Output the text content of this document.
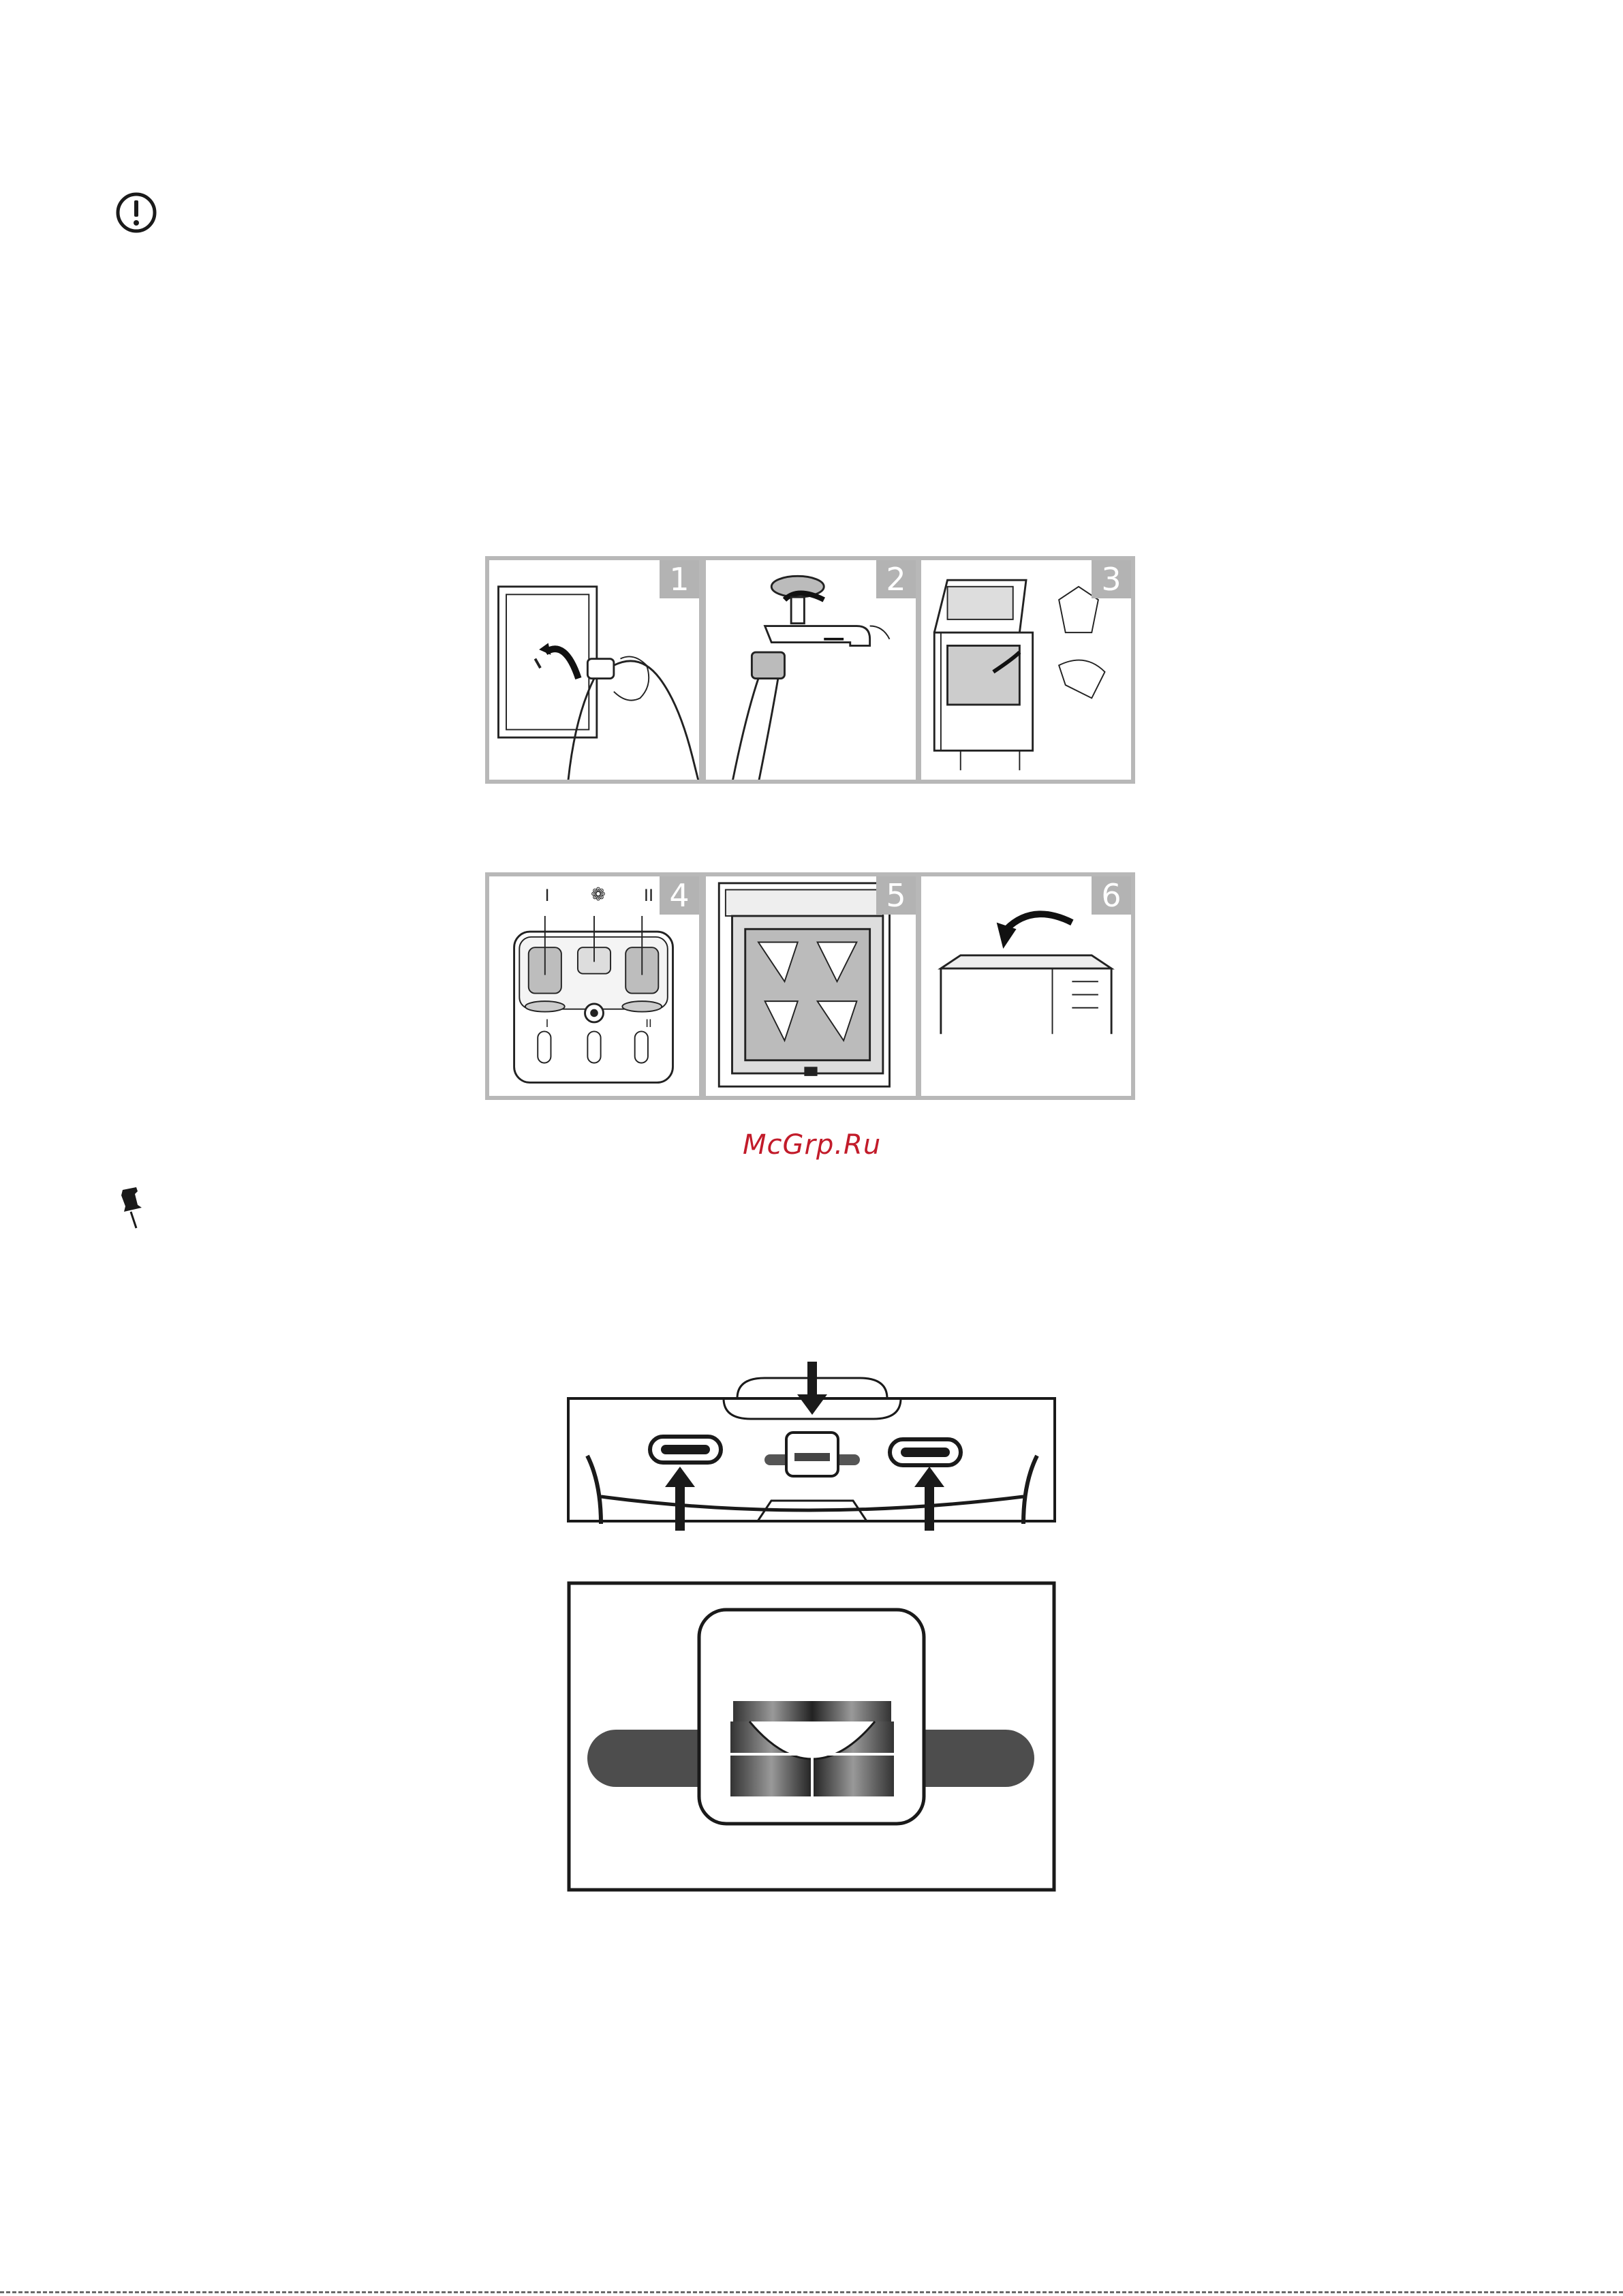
1	2	3
I	❁	II
I	II
4	5	6
McGrp.Ru
